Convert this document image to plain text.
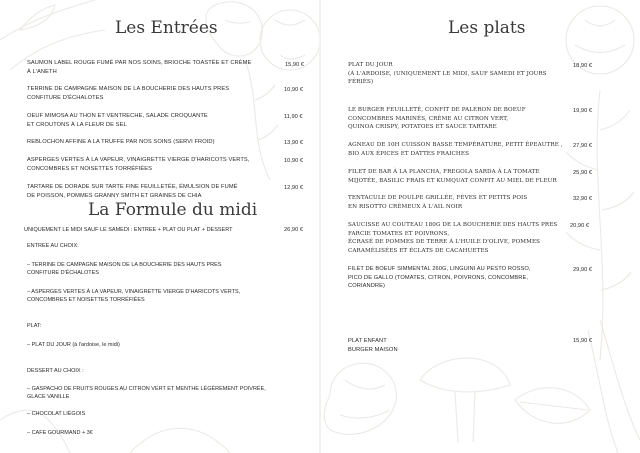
Les Entrées
SAUMON LABEL ROUGE FUMÉ PAR NOS SOINS, BRIOCHE TOASTÉE ET CRÈME
À L'ANETH
15,90 €
TERRINE DE CAMPAGNE MAISON DE LA BOUCHERIE DES HAUTS PRES
CONFITURE D'ÉCHALOTES
10,90 €
OEUF MIMOSA AU THON ET VENTRECHE, SALADE CROQUANTE
ET CROUTONS À LA FLEUR DE SEL
11,90 €
REBLOCHON AFFINE A LA TRUFFE PAR NOS SOINS (SERVI FROID)	13,90 €
ASPERGES VERTES À LA VAPEUR, VINAIGRETTE VIERGE D'HARICOTS VERTS,
CONCOMBRES ET NOISETTES TORRÉFIÉES
10,90 €
TARTARE DE DORADE SUR TARTE FINE FEUILLETÉE, ÉMULSION DE FUMÉ
DE POISSON, POMMES GRANNY SMITH ET GRAINES DE CHIA
12,90 €
La Formule du midi
UNIQUEMENT LE MIDI SAUF LE SAMEDI : ENTREE + PLAT OU PLAT + DESSERT	26,90 €
ENTREE AU CHOIX:
– TERRINE DE CAMPAGNE MAISON DE LA BOUCHERIE DES HAUTS PRES
CONFITURE D'ÉCHALOTES
– ASPERGES VERTES À LA VAPEUR, VINAIGRETTE VIERGE D'HARICOTS VERTS,
CONCOMBRES ET NOISETTES TORRÉFIÉES
PLAT:
– PLAT DU JOUR (à l'ardoise, le midi)
DESSERT AU CHOIX :
– GASPACHO DE FRUITS ROUGES AU CITRON VERT ET MENTHE LÉGÈREMENT POIVRÉE,
GLACE VANILLE
– CHOCOLAT LIÉGOIS
– CAFE GOURMAND + 3€
Les plats
PLAT DU JOUR
(À L'ARDOISE, (UNIQUEMENT LE MIDI, SAUF SAMEDI ET JOURS
FÉRIÉS)
18,90 €
LE BURGER FEUILLETÉ, CONFIT DE PALERON DE BOEUF
CONCOMBRES MARINÉS, CRÈME AU CITRON VERT,
QUINOA CRISPY, POTATOES ET SAUCE TARTARE
19,90 €
AGNEAU DE 10H CUISSON BASSE TEMPÉRATURE, PETIT ÉPEAUTRE ,
BIO AUX ÉPICES ET DATTES FRAICHES
27,90 €
FILET DE BAR À LA PLANCHA, FREGOLA SARDA À LA TOMATE
MIJOTÉE, BASILIC FRAIS ET KUMQUAT CONFIT AU MIEL DE FLEUR
25,90 €
TENTACULE DE POULPE GRILLÉE, FÈVES ET PETITS POIS
EN RISOTTO CRÉMEUX À L'AIL NOIR
32,90 €
SAUCISSE AU COUTEAU 180G DE LA BOUCHERIE DES HAUTS PRES
FARCIE TOMATES ET POIVRONS,
ÉCRASÉ DE POMMES DE TERRE À L'HUILE D'OLIVE, POMMES
CARAMÉLISÉES ET ÉCLATS DE CACAHUETES
20,90 €
FILET DE BOEUF SIMMENTAL 260G, LINGUINI AU PESTO ROSSO,
PICO DE GALLO (TOMATES, CITRON, POIVRONS, CONCOMBRE,
CORIANDRE)
29,90 €
PLAT ENFANT
BURGER MAISON
15,90 €
